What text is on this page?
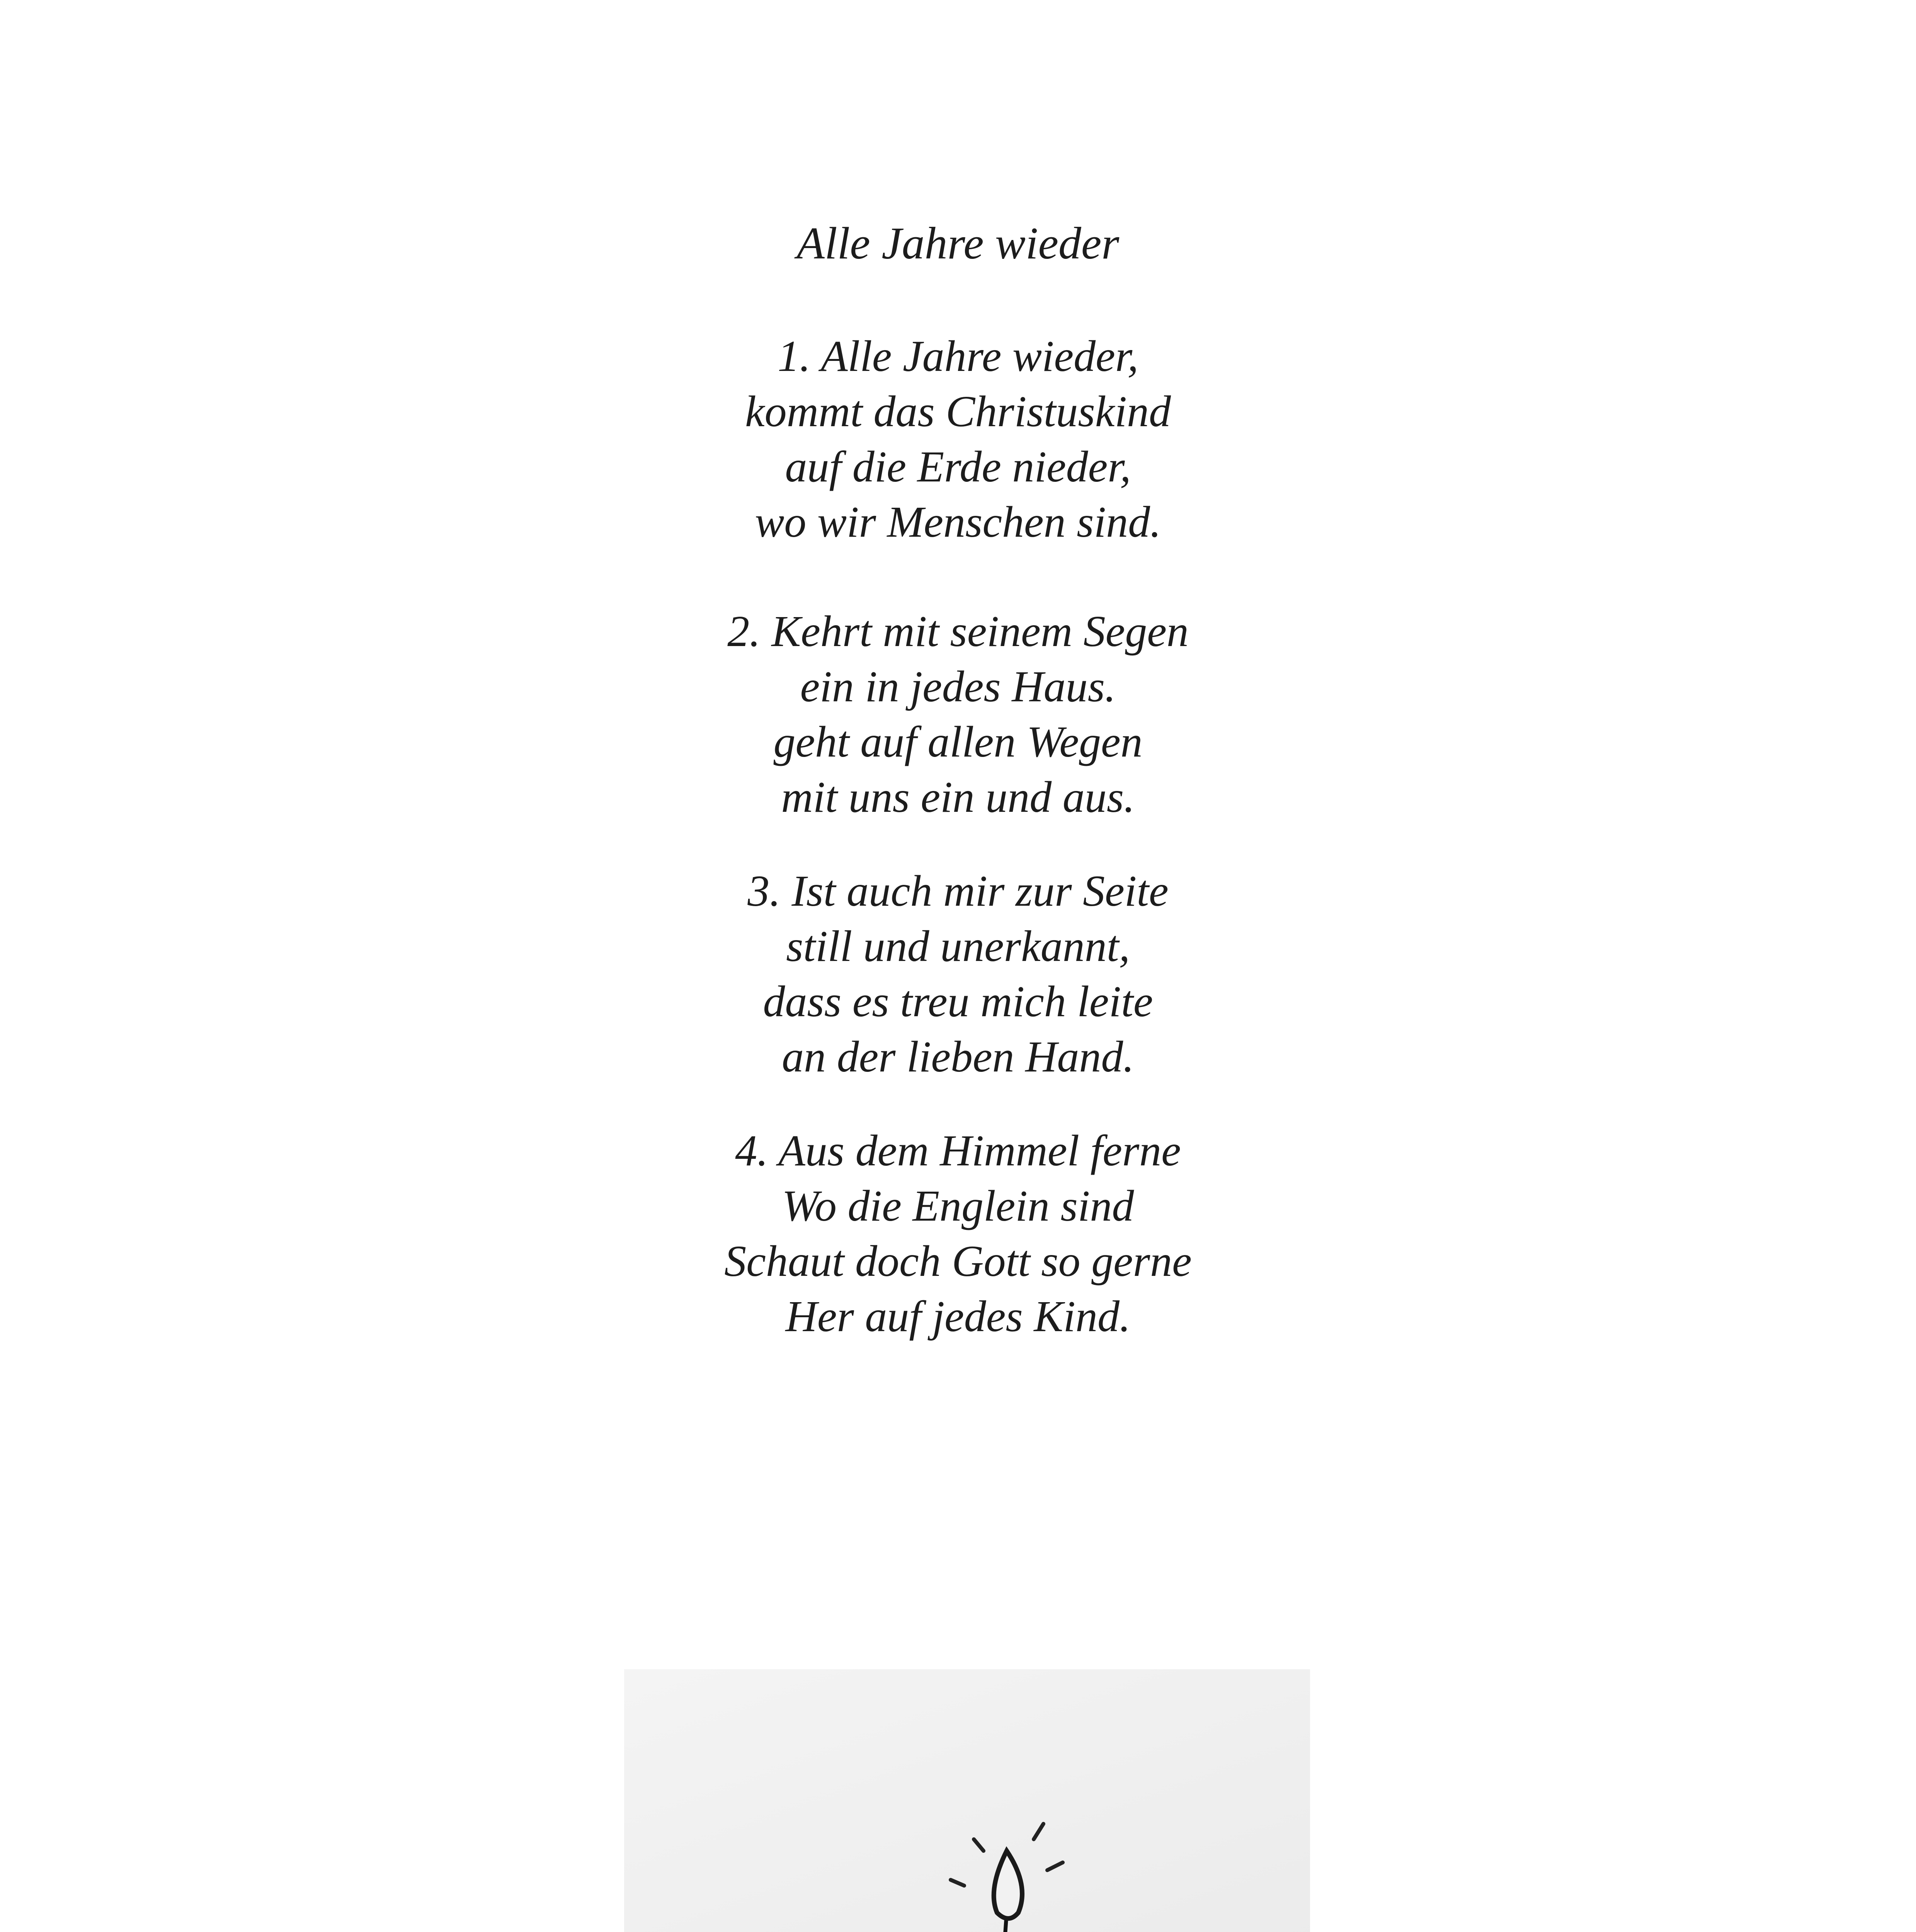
Alle Jahre wieder
1. Alle Jahre wieder,
kommt das Christuskind
auf die Erde nieder,
wo wir Menschen sind.
2. Kehrt mit seinem Segen
ein in jedes Haus.
geht auf allen Wegen
mit uns ein und aus.
3. Ist auch mir zur Seite
still und unerkannt,
dass es treu mich leite
an der lieben Hand.
4. Aus dem Himmel ferne
Wo die Englein sind
Schaut doch Gott so gerne
Her auf jedes Kind.
